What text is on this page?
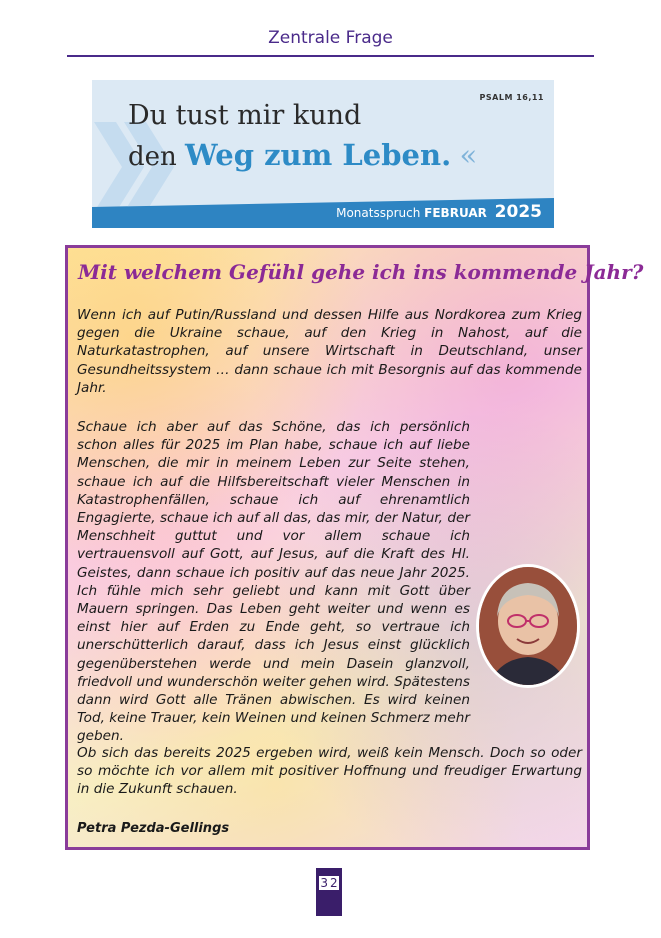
Zentrale Frage
PSALM 16,11
Du tust mir kund
den Weg zum Leben. «
Monatsspruch FEBRUAR 2025
Mit welchem Gefühl gehe ich ins kommende Jahr?

Wenn ich auf Putin/Russland und dessen Hilfe aus Nordkorea zum Krieg gegen die Ukraine schaue, auf den Krieg in Nahost, auf die Naturkatastrophen, auf unsere Wirtschaft in Deutschland, unser Gesundheitssystem … dann schaue ich mit Besorgnis auf das kommende Jahr.

Schaue ich aber auf das Schöne, das ich persönlich schon alles für 2025 im Plan habe, schaue ich auf liebe Menschen, die mir in meinem Leben zur Seite stehen, schaue ich auf die Hilfsbereitschaft vieler Menschen in Katastrophenfällen, schaue ich auf ehrenamtlich Engagierte, schaue ich auf all das, das mir, der Natur, der Menschheit guttut und vor allem schaue ich vertrauensvoll auf Gott, auf Jesus, auf die Kraft des Hl. Geistes, dann schaue ich positiv auf das neue Jahr 2025. Ich fühle mich sehr geliebt und kann mit Gott über Mauern springen. Das Leben geht weiter und wenn es einst hier auf Erden zu Ende geht, so vertraue ich unerschütterlich darauf, dass ich Jesus einst glücklich gegenüberstehen werde und mein Dasein glanzvoll, friedvoll und wunderschön weiter gehen wird. Spätestens dann wird Gott alle Tränen abwischen. Es wird keinen Tod, keine Trauer, kein Weinen und keinen Schmerz mehr geben.

Ob sich das bereits 2025 ergeben wird, weiß kein Mensch. Doch so oder so möchte ich vor allem mit positiver Hoffnung und freudiger Erwartung in die Zukunft schauen.

Petra Pezda-Gellings
3 2
